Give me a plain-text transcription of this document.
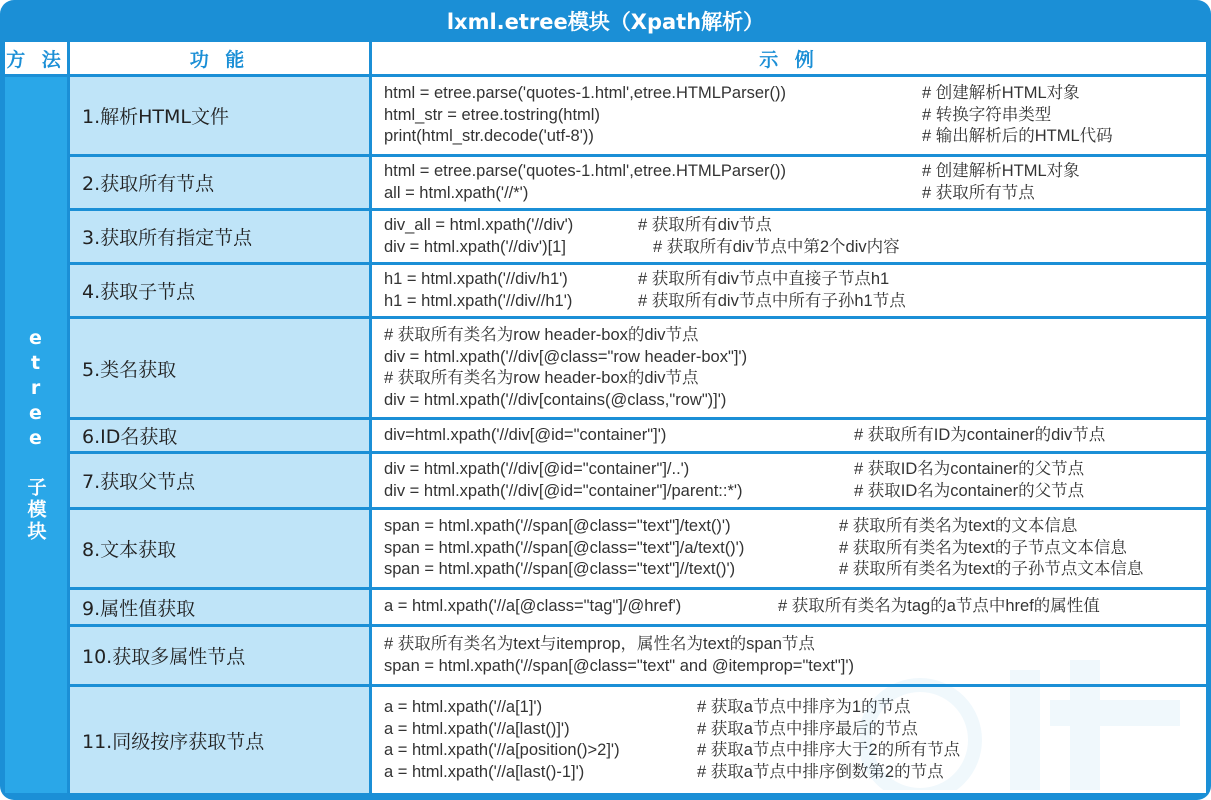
lxml.etree模块（Xpath解析）
方 法	功 能	示 例
etree 子模块
1.解析HTML文件
html = etree.parse('quotes-1.html',etree.HTMLParser())	# 创建解析HTML对象
html_str = etree.tostring(html)	# 转换字符串类型
print(html_str.decode('utf-8'))	# 输出解析后的HTML代码
2.获取所有节点
html = etree.parse('quotes-1.html',etree.HTMLParser())	# 创建解析HTML对象
all = html.xpath('//*')	# 获取所有节点
3.获取所有指定节点
div_all = html.xpath('//div')	# 获取所有div节点
div = html.xpath('//div')[1]	# 获取所有div节点中第2个div内容
4.获取子节点
h1 = html.xpath('//div/h1')	# 获取所有div节点中直接子节点h1
h1 = html.xpath('//div//h1')	# 获取所有div节点中所有子孙h1节点
5.类名获取
# 获取所有类名为row header-box的div节点
div = html.xpath('//div[@class="row header-box"]')
# 获取所有类名为row header-box的div节点
div = html.xpath('//div[contains(@class,"row")]')
6.ID名获取	div=html.xpath('//div[@id="container"]')	# 获取所有ID为container的div节点
7.获取父节点
div = html.xpath('//div[@id="container"]/..')	# 获取ID名为container的父节点
div = html.xpath('//div[@id="container"]/parent::*')	# 获取ID名为container的父节点
8.文本获取
span = html.xpath('//span[@class="text"]/text()')	# 获取所有类名为text的文本信息
span = html.xpath('//span[@class="text"]/a/text()')	# 获取所有类名为text的子节点文本信息
span = html.xpath('//span[@class="text"]//text()')	# 获取所有类名为text的子孙节点文本信息
9.属性值获取	a = html.xpath('//a[@class="tag"]/@href')	# 获取所有类名为tag的a节点中href的属性值
10.获取多属性节点
# 获取所有类名为text与itemprop，属性名为text的span节点
span = html.xpath('//span[@class="text" and @itemprop="text"]')
11.同级按序获取节点
a = html.xpath('//a[1]')	# 获取a节点中排序为1的节点
a = html.xpath('//a[last()]')	# 获取a节点中排序最后的节点
a = html.xpath('//a[position()>2]')	# 获取a节点中排序大于2的所有节点
a = html.xpath('//a[last()-1]')	# 获取a节点中排序倒数第2的节点
